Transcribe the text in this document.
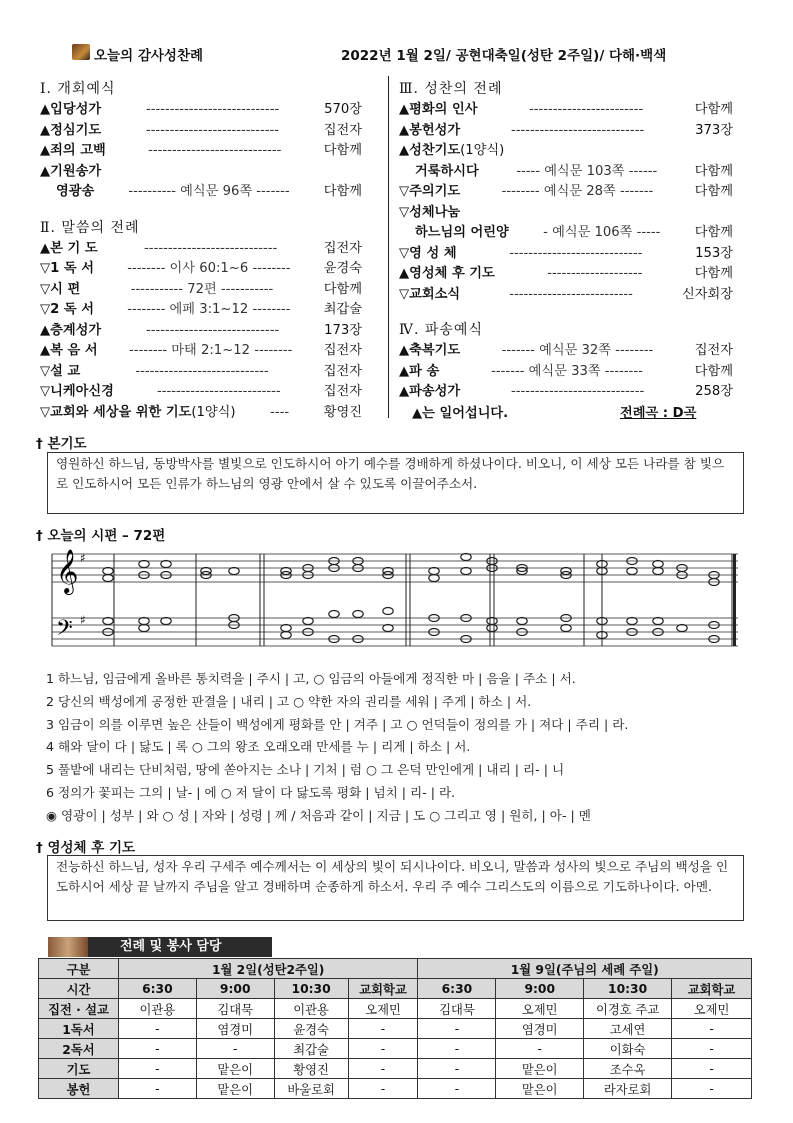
오늘의 감사성찬례	2022년 1월 2일/ 공현대축일(성탄 2주일)/ 다해·백색
Ⅰ. 개회예식
▲입당성가	----------------------------	570장
▲정심기도	----------------------------	집전자
▲죄의 고백	----------------------------	다함께
▲기원송가
영광송	---------- 예식문 96쪽 -------	다함께
Ⅱ. 말씀의 전례
▲본 기 도	----------------------------	집전자
▽1 독 서	-------- 이사 60:1~6 --------	윤경숙
▽시 편	----------- 72편 -----------	다함께
▽2 독 서	-------- 에페 3:1~12 --------	최갑술
▲층계성가	----------------------------	173장
▲복 음 서	-------- 마태 2:1~12 --------	집전자
▽설 교	----------------------------	집전자
▽니케아신경	--------------------------	집전자
▽교회와 세상을 위한 기도(1양식)	----	황영진
Ⅲ. 성찬의 전례
▲평화의 인사	------------------------	다함께
▲봉헌성가	----------------------------	373장
▲성찬기도(1양식)
거룩하시다	----- 예식문 103쪽 ------	다함께
▽주의기도	-------- 예식문 28쪽 -------	다함께
▽성체나눔
하느님의 어린양	- 예식문 106쪽 -----	다함께
▽영 성 체	----------------------------	153장
▲영성체 후 기도	--------------------	다함께
▽교회소식	--------------------------	신자회장
Ⅳ. 파송예식
▲축복기도	------- 예식문 32쪽 --------	집전자
▲파 송	------- 예식문 33쪽 --------	다함께
▲파송성가	----------------------------	258장
▲는 일어섭니다.	전례곡 : D곡
† 본기도
영원하신 하느님, 동방박사를 별빛으로 인도하시어 아기 예수를 경배하게 하셨나이다. 비오니, 이 세상 모든 나라를 참 빛으로 인도하시어 모든 인류가 하느님의 영광 안에서 살 수 있도록 이끌어주소서.
† 오늘의 시편 – 72편
𝄞
𝄢
♯
♯
1 하느님, 임금에게 올바른 통치력을 | 주시 | 고, ○ 임금의 아들에게 정직한 마 | 음을 | 주소 | 서.
2 당신의 백성에게 공정한 판결을 | 내리 | 고 ○ 약한 자의 권리를 세워 | 주게 | 하소 | 서.
3 임금이 의를 이루면 높은 산들이 백성에게 평화를 안 | 겨주 | 고 ○ 언덕들이 정의를 가 | 져다 | 주리 | 라.
4 해와 달이 다 | 닳도 | 록 ○ 그의 왕조 오래오래 만세를 누 | 리게 | 하소 | 서.
5 풀밭에 내리는 단비처럼, 땅에 쏟아지는 소나 | 기처 | 럼 ○ 그 은덕 만인에게 | 내리 | 리- | 니
6 정의가 꽃피는 그의 | 날- | 에 ○ 저 달이 다 닳도록 평화 | 넘치 | 리- | 라.
◉ 영광이 | 성부 | 와 ○ 성 | 자와 | 성령 | 께 / 처음과 같이 | 지금 | 도 ○ 그리고 영 | 원히, | 아- | 멘
† 영성체 후 기도
전능하신 하느님, 성자 우리 구세주 예수께서는 이 세상의 빛이 되시나이다. 비오니, 말씀과 성사의 빛으로 주님의 백성을 인도하시어 세상 끝 날까지 주님을 알고 경배하며 순종하게 하소서. 우리 주 예수 그리스도의 이름으로 기도하나이다. 아멘.
전례 및 봉사 담당
구분	1월 2일(성탄2주일)				1월 9일(주님의 세례 주일)			
시간	6:30	9:00	10:30	교회학교	6:30	9:00	10:30	교회학교
집전 · 설교	이관용	김대묵	이관용	오제민	김대묵	오제민	이경호 주교	오제민
1독서	-	염경미	윤경숙	-	-	염경미	고세연	-
2독서	-	-	최갑술	-	-	-	이화숙	-
기도	-	맡은이	황영진	-	-	맡은이	조수옥	-
봉헌	-	맡은이	바울로회	-	-	맡은이	라자로회	-
